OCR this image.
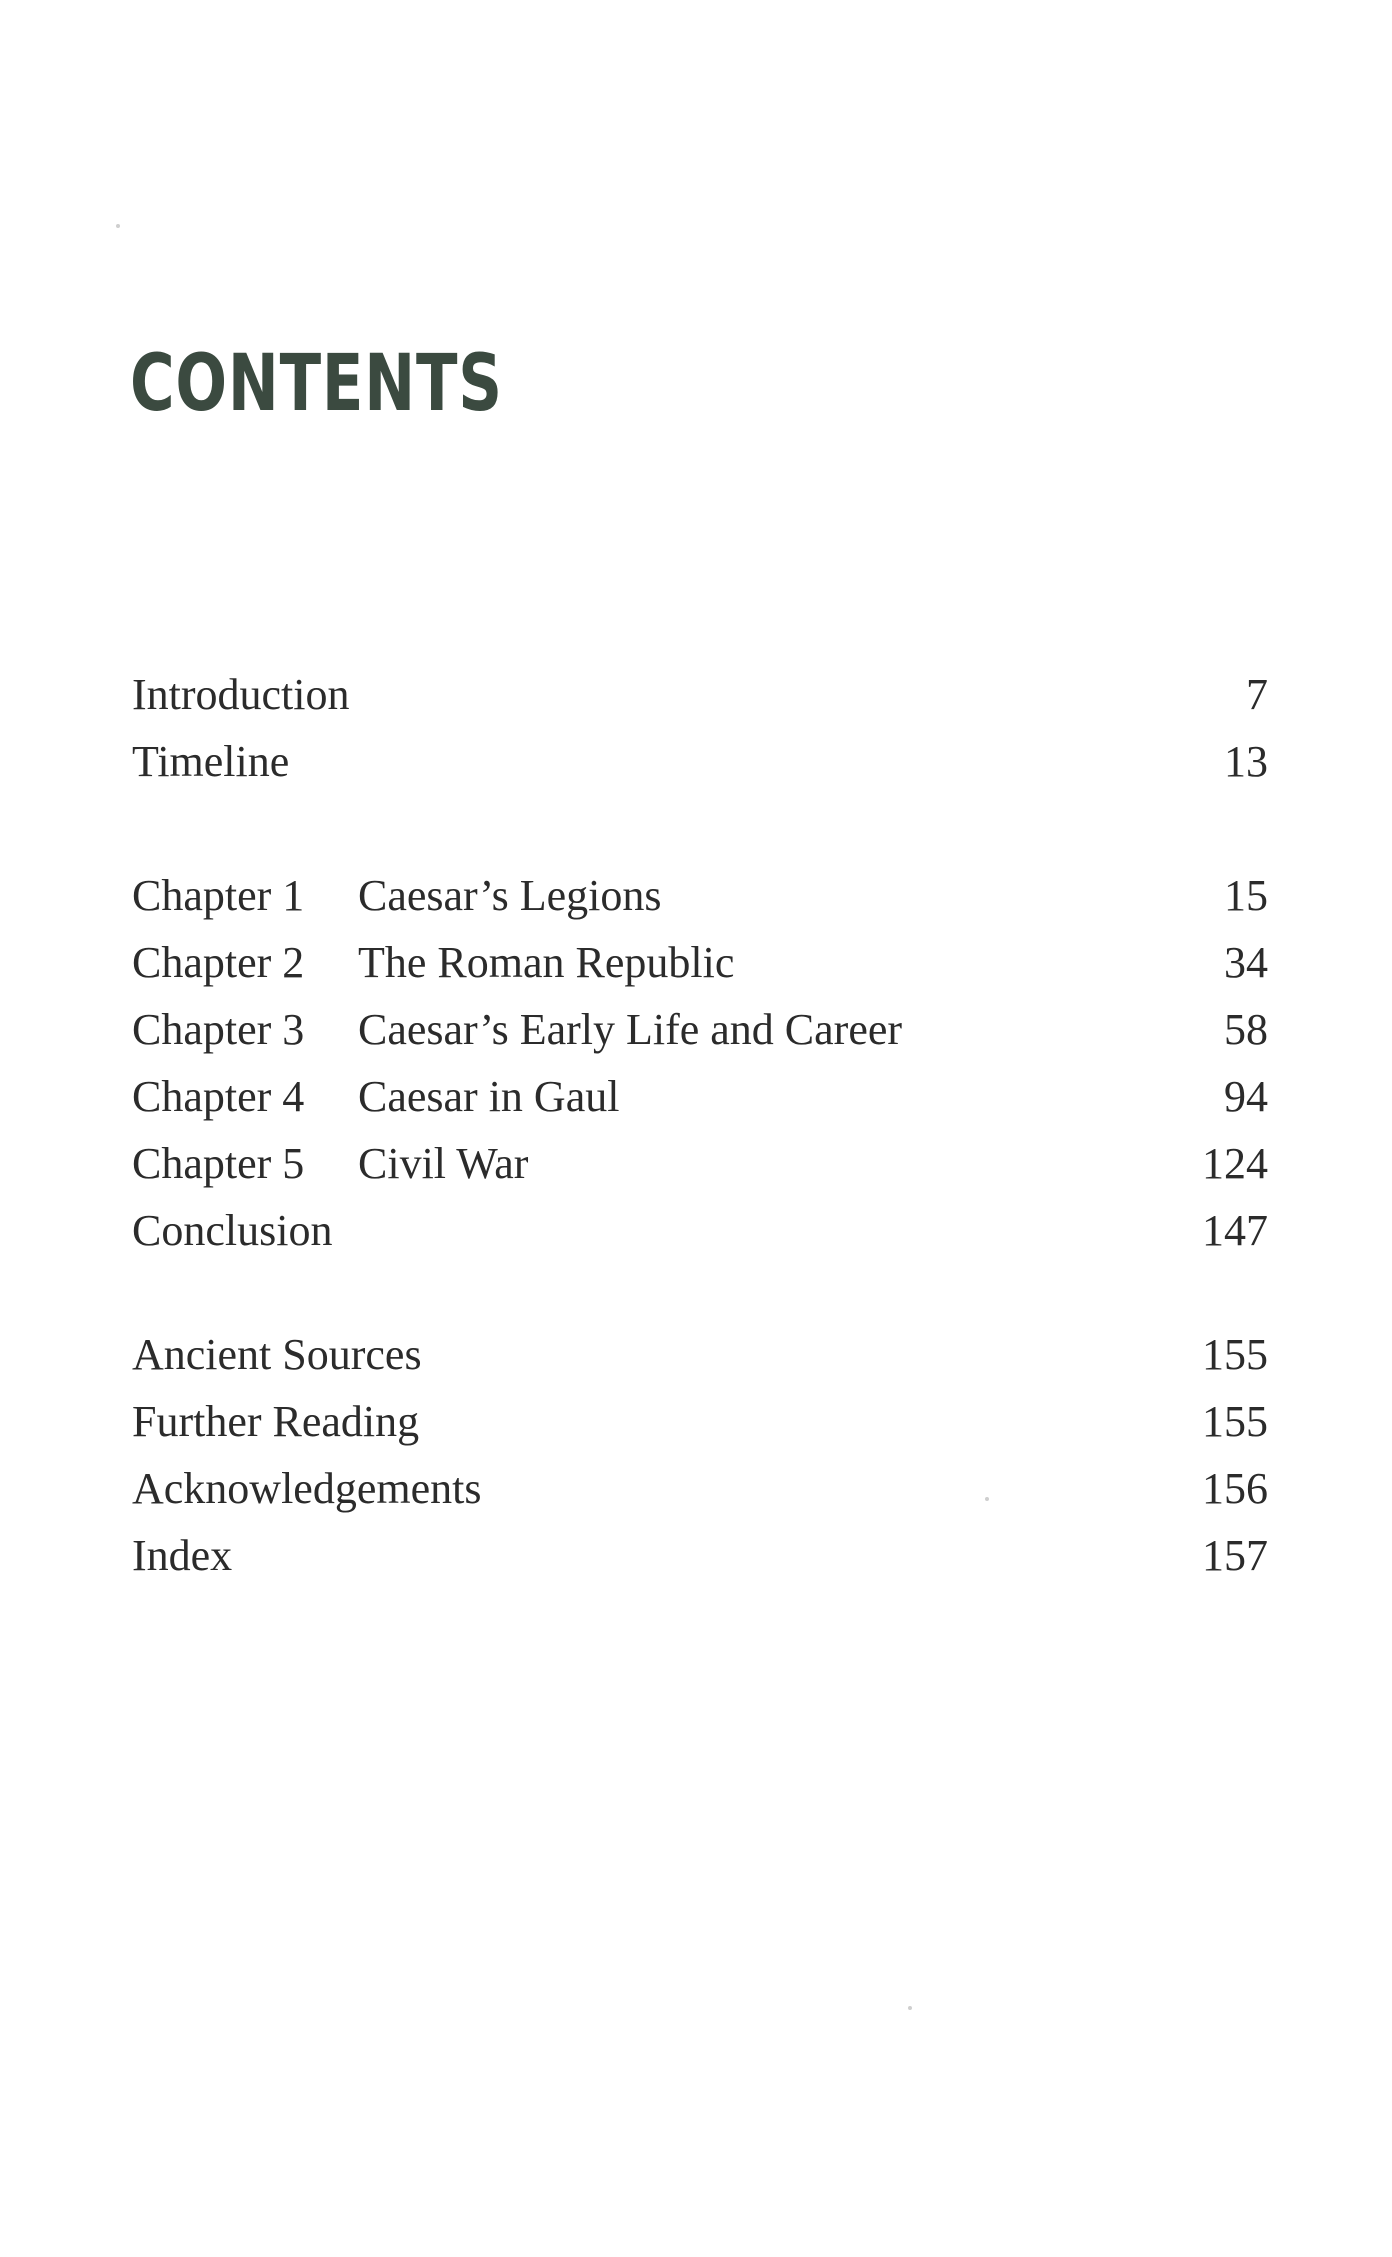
CONTENTS
Introduction	7
Timeline	13
Chapter 1 Caesar’s Legions	15
Chapter 2 The Roman Republic	34
Chapter 3 Caesar’s Early Life and Career	58
Chapter 4 Caesar in Gaul	94
Chapter 5 Civil War	124
Conclusion	147
Ancient Sources	155
Further Reading	155
Acknowledgements	156
Index	157
